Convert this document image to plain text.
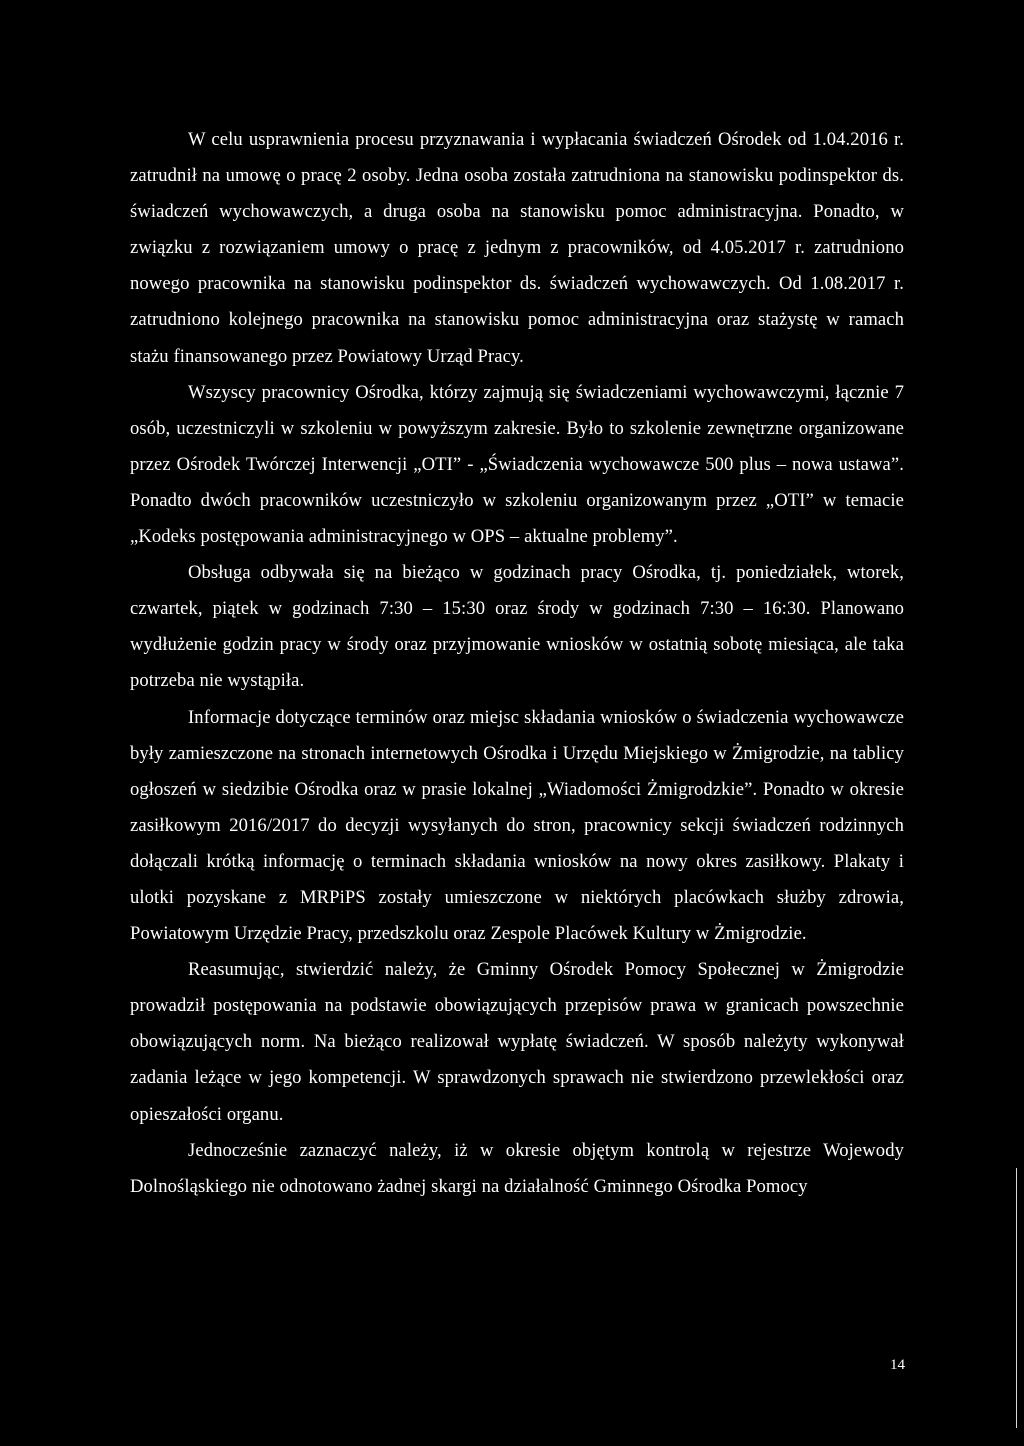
W celu usprawnienia procesu przyznawania i wypłacania świadczeń Ośrodek od 1.04.2016 r. zatrudnił na umowę o pracę 2 osoby. Jedna osoba została zatrudniona na stanowisku podinspektor ds. świadczeń wychowawczych, a druga osoba na stanowisku pomoc administracyjna. Ponadto, w związku z rozwiązaniem umowy o pracę z jednym z pracowników, od 4.05.2017 r. zatrudniono nowego pracownika na stanowisku podinspektor ds. świadczeń wychowawczych. Od 1.08.2017 r. zatrudniono kolejnego pracownika na stanowisku pomoc administracyjna oraz stażystę w ramach stażu finansowanego przez Powiatowy Urząd Pracy.

Wszyscy pracownicy Ośrodka, którzy zajmują się świadczeniami wychowawczymi, łącznie 7 osób, uczestniczyli w szkoleniu w powyższym zakresie. Było to szkolenie zewnętrzne organizowane przez Ośrodek Twórczej Interwencji „OTI” - „Świadczenia wychowawcze 500 plus – nowa ustawa”. Ponadto dwóch pracowników uczestniczyło w szkoleniu organizowanym przez „OTI” w temacie „Kodeks postępowania administracyjnego w OPS – aktualne problemy”.

Obsługa odbywała się na bieżąco w godzinach pracy Ośrodka, tj. poniedziałek, wtorek, czwartek, piątek w godzinach 7:30 – 15:30 oraz środy w godzinach 7:30 – 16:30. Planowano wydłużenie godzin pracy w środy oraz przyjmowanie wniosków w ostatnią sobotę miesiąca, ale taka potrzeba nie wystąpiła.

Informacje dotyczące terminów oraz miejsc składania wniosków o świadczenia wychowawcze były zamieszczone na stronach internetowych Ośrodka i Urzędu Miejskiego w Żmigrodzie, na tablicy ogłoszeń w siedzibie Ośrodka oraz w prasie lokalnej „Wiadomości Żmigrodzkie”. Ponadto w okresie zasiłkowym 2016/2017 do decyzji wysyłanych do stron, pracownicy sekcji świadczeń rodzinnych dołączali krótką informację o terminach składania wniosków na nowy okres zasiłkowy. Plakaty i ulotki pozyskane z MRPiPS zostały umieszczone w niektórych placówkach służby zdrowia, Powiatowym Urzędzie Pracy, przedszkolu oraz Zespole Placówek Kultury w Żmigrodzie.

Reasumując, stwierdzić należy, że Gminny Ośrodek Pomocy Społecznej w Żmigrodzie prowadził postępowania na podstawie obowiązujących przepisów prawa w granicach powszechnie obowiązujących norm. Na bieżąco realizował wypłatę świadczeń. W sposób należyty wykonywał zadania leżące w jego kompetencji. W sprawdzonych sprawach nie stwierdzono przewlekłości oraz opieszałości organu.

Jednocześnie zaznaczyć należy, iż w okresie objętym kontrolą w rejestrze Wojewody Dolnośląskiego nie odnotowano żadnej skargi na działalność Gminnego Ośrodka Pomocy

14
